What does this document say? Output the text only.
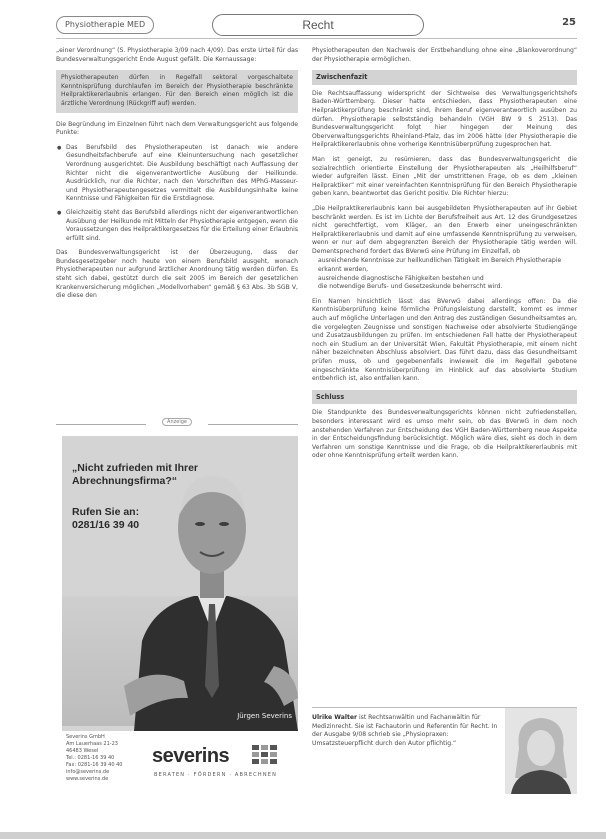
Physiotherapie MED	Recht	25

„einer Verordnung“ (S. Physiotherapie 3/09 nach 4/09). Das erste Urteil für das Bundesverwaltungsgericht Ende August gefällt. Die Kernaussage:

Physiotherapeuten dürfen in Regelfall sektoral vorgeschaltete Kenntnisprüfung durchlaufen im Bereich der Physiotherapie beschränkte Heilpraktikererlaubnis erlangen. Für den Bereich einen möglich ist die ärztliche Verordnung (Rückgriff auf) werden.

Die Begründung im Einzelnen führt nach dem Verwaltungsgericht aus folgende Punkte:

● Das Berufsbild des Physiotherapeuten ist danach wie andere Gesundheitsfachberufe auf eine Kleinuntersuchung nach gesetzlicher Verordnung ausgerichtet. Die Ausbildung beschäftigt nach Auffassung der Richter nicht die eigenverantwortliche Ausübung der Heilkunde. Ausdrücklich, nur die Richter, nach den Vorschriften des MPhG-Masseur- und Physiotherapeutengesetzes vermittelt die Ausbildungsinhalte keine Kenntnisse und Fähigkeiten für die Erstdiagnose.
● Gleichzeitig steht das Berufsbild allerdings nicht der eigenverantwortlichen Ausübung der Heilkunde mit Mitteln der Physiotherapie entgegen, wenn die Voraussetzungen des Heilpraktikergesetzes für die Erteilung einer Erlaubnis erfüllt sind.

Das Bundesverwaltungsgericht ist der Überzeugung, dass der Bundesgesetzgeber noch heute von einem Berufsbild ausgeht, wonach Physiotherapeuten nur aufgrund ärztlicher Anordnung tätig werden dürfen. Es steht sich dabei, gestützt durch die seit 2005 im Bereich der gesetzlichen Krankenversicherung möglichen „Modellvorhaben“ gemäß § 63 Abs. 3b SGB V, die diese den

Anzeige
„Nicht zufrieden mit Ihrer Abrechnungsfirma?“
Rufen Sie an:
0281/16 39 40
Jürgen Severins
Severins GmbH
Am Lauerhaas 21-23
46483 Wesel
Tel.: 0281-16 39 40
Fax: 0281-16 39 40 40
info@severins.de
www.severins.de
severins
BERATEN · FÖRDERN · ABRECHNEN

Physiotherapeuten den Nachweis der Erstbehandlung ohne eine „Blankoverordnung“ der Physiotherapie ermöglichen.

Zwischenfazit

Die Rechtsauffassung widerspricht der Sichtweise des Verwaltungsgerichtshofs Baden-Württemberg. Dieser hatte entschieden, dass Physiotherapeuten eine Heilpraktikerprüfung beschränkt sind, ihrem Beruf eigenverantwortlich ausüben zu dürfen. Physiotherapie selbstständig behandeln (VGH BW 9 S 2513). Das Bundesverwaltungsgericht folgt hier hingegen der Meinung des Oberverwaltungsgerichts Rheinland-Pfalz, das im 2006 hätte (der Physiotherapie die Heilpraktikererlaubnis ohne vorherige Kenntnisüberprüfung zugesprochen hat.

Man ist geneigt, zu resümieren, dass das Bundesverwaltungsgericht die sozialrechtlich orientierte Einstellung der Physiotherapeuten als „Heilhilfsberuf“ wieder aufgreifen lässt. Einen „Mit der umstrittenen Frage, ob es dem „kleinen Heilpraktiker“ mit einer vereinfachten Kenntnisprüfung für den Bereich Physiotherapie geben kann, beantwortet das Gericht positiv. Die Richter hierzu:

„Die Heilpraktikererlaubnis kann bei ausgebildeten Physiotherapeuten auf ihr Gebiet beschränkt werden. Es ist im Lichte der Berufsfreiheit aus Art. 12 des Grundgesetzes nicht gerechtfertigt, vom Kläger, an den Erwerb einer uneingeschränkten Heilpraktikererlaubnis und damit auf eine umfassende Kenntnisprüfung zu verweisen, wenn er nur auf dem abgegrenzten Bereich der Physiotherapie tätig werden will. Dementsprechend fordert das BVerwG eine Prüfung im Einzelfall, ob

ausreichende Kenntnisse zur heilkundlichen Tätigkeit im Bereich Physiotherapie erkannt werden,
ausreichende diagnostische Fähigkeiten bestehen und
die notwendige Berufs- und Gesetzeskunde beherrscht wird.

Ein Namen hinsichtlich lässt das BVerwG dabei allerdings offen: Da die Kenntnisüberprüfung keine förmliche Prüfungsleistung darstellt, kommt es immer auch auf mögliche Unterlagen und den Antrag des zuständigen Gesundheitsamtes an, die vorgelegten Zeugnisse und sonstigen Nachweise oder absolvierte Studiengänge und Zusatzausbildungen zu prüfen. Im entschiedenen Fall hatte der Physiotherapeut noch ein Studium an der Universität Wien, Fakultät Physiotherapie, mit einem nicht näher bezeichneten Abschluss absolviert. Das führt dazu, dass das Gesundheitsamt prüfen muss, ob und gegebenenfalls inwieweit die im Regelfall gebotene eingeschränkte Kenntnisüberprüfung im Hinblick auf das absolvierte Studium entbehrlich ist, also entfallen kann.

Schluss

Die Standpunkte des Bundesverwaltungsgerichts können nicht zufriedenstellen, besonders interessant wird es umso mehr sein, ob das BVerwG in dem noch anstehenden Verfahren zur Entscheidung des VGH Baden-Württemberg neue Aspekte in der Entscheidungsfindung berücksichtigt. Möglich wäre dies, sieht es doch in dem Verfahren um sonstige Kenntnisse und die Frage, ob die Heilpraktikererlaubnis mit oder ohne Kenntnisprüfung erteilt werden kann.

Ulrike Walter ist Rechtsanwältin und Fachanwältin für Medizinrecht. Sie ist Fachautorin und Referentin für Recht. In der Ausgabe 9/08 schrieb sie „Physiopraxen: Umsatzsteuerpflicht durch den Autor pflichtig.“
